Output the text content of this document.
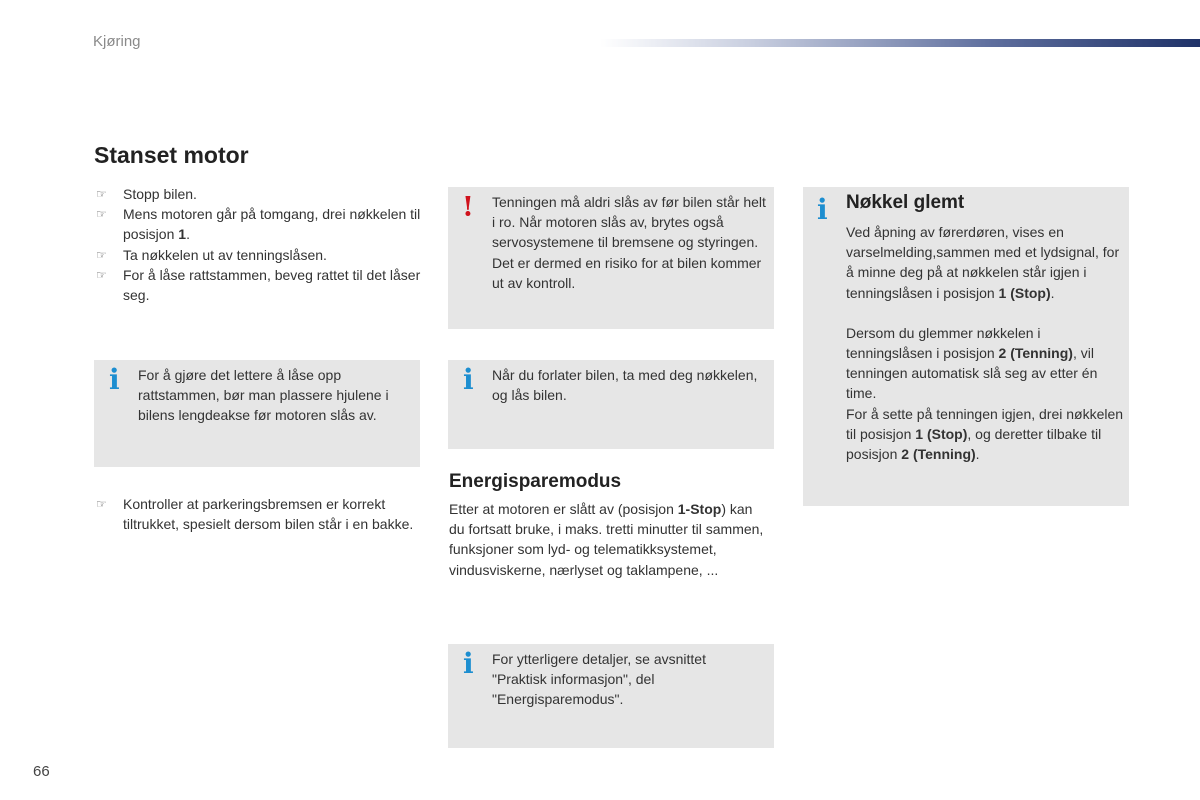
Kjøring
Stanset motor
☞ Stopp bilen.
☞ Mens motoren går på tomgang, drei nøkkelen til posisjon 1.
☞ Ta nøkkelen ut av tenningslåsen.
☞ For å låse rattstammen, beveg rattet til det låser seg.
i For å gjøre det lettere å låse opp rattstammen, bør man plassere hjulene i bilens lengdeakse før motoren slås av.
☞ Kontroller at parkeringsbremsen er korrekt tiltrukket, spesielt dersom bilen står i en bakke.
! Tenningen må aldri slås av før bilen står helt i ro. Når motoren slås av, brytes også servosystemene til bremsene og styringen. Det er dermed en risiko for at bilen kommer ut av kontroll.
i Når du forlater bilen, ta med deg nøkkelen, og lås bilen.
Energisparemodus
Etter at motoren er slått av (posisjon 1-Stop) kan du fortsatt bruke, i maks. tretti minutter til sammen, funksjoner som lyd- og telematikksystemet, vindusviskerne, nærlyset og taklampene, ...
i For ytterligere detaljer, se avsnittet "Praktisk informasjon", del "Energisparemodus".
i Nøkkel glemt
Ved åpning av førerdøren, vises en varselmelding,sammen med et lydsignal, for å minne deg på at nøkkelen står igjen i tenningslåsen i posisjon 1 (Stop).
Dersom du glemmer nøkkelen i tenningslåsen i posisjon 2 (Tenning), vil tenningen automatisk slå seg av etter én time.
For å sette på tenningen igjen, drei nøkkelen til posisjon 1 (Stop), og deretter tilbake til posisjon 2 (Tenning).
66
